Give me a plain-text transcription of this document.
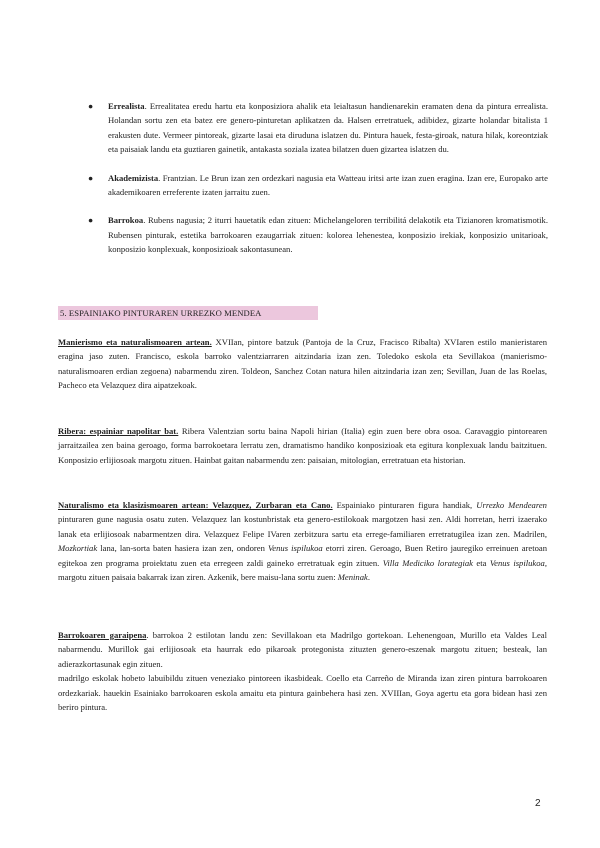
● Errealista. Errealitatea eredu hartu eta konposiziora ahalik eta leialtasun handienarekin eramaten dena da pintura errealista. Holandan sortu zen eta batez ere genero-pinturetan aplikatzen da. Halsen erretratuek, adibidez, gizarte holandar bitalista 1 erakusten dute. Vermeer pintoreak, gizarte lasai eta diruduna islatzen du. Pintura hauek, festa-giroak, natura hilak, koreontziak eta paisaiak landu eta guztiaren gainetik, antakasta soziala izatea bilatzen duen gizartea islatzen du.
● Akademizista. Frantzian. Le Brun izan zen ordezkari nagusia eta Watteau iritsi arte izan zuen eragina. Izan ere, Europako arte akademikoaren erreferente izaten jarraitu zuen.
● Barrokoa. Rubens nagusia; 2 iturri hauetatik edan zituen: Michelangeloren terribilitá delakotik eta Tizianoren kromatismotik. Rubensen pinturak, estetika barrokoaren ezaugarriak zituen: kolorea lehenestea, konposizio irekiak, konposizio unitarioak, konposizio konplexuak, konposizioak sakontasunean.
5. ESPAINIAKO PINTURAREN URREZKO MENDEA

Manierismo eta naturalismoaren artean. XVIIan, pintore batzuk (Pantoja de la Cruz, Fracisco Ribalta) XVIaren estilo manieristaren eragina jaso zuten. Francisco, eskola barroko valentziarraren aitzindaria izan zen. Toledoko eskola eta Sevillakoa (manierismo-naturalismoaren erdian zegoena) nabarmendu ziren. Toldeon, Sanchez Cotan natura hilen aitzindaria izan zen; Sevillan, Juan de las Roelas, Pacheco eta Velazquez dira aipatzekoak.

Ribera: espainiar napolitar bat. Ribera Valentzian sortu baina Napoli hirian (Italia) egin zuen bere obra osoa. Caravaggio pintorearen jarraitzailea zen baina geroago, forma barrokoetara lerratu zen, dramatismo handiko konposizioak eta egitura konplexuak landu baitzituen. Konposizio erlijiosoak margotu zituen. Hainbat gaitan nabarmendu zen: paisaian, mitologian, erretratuan eta historian.

Naturalismo eta klasizismoaren artean: Velazquez, Zurbaran eta Cano. Espainiako pinturaren figura handiak, Urrezko Mendearen pinturaren gune nagusia osatu zuten. Velazquez lan kostunbristak eta genero-estilokoak margotzen hasi zen. Aldi horretan, herri izaerako lanak eta erlijiosoak nabarmentzen dira. Velazquez Felipe IVaren zerbitzura sartu eta errege-familiaren erretratugilea izan zen. Madrilen, Mozkortiak lana, lan-sorta baten hasiera izan zen, ondoren Venus ispilukoa etorri ziren. Geroago, Buen Retiro jauregiko erreinuen aretoan egitekoa zen programa proiektatu zuen eta erregeen zaldi gaineko erretratuak egin zituen. Villa Mediciko lorategiak eta Venus ispilukoa, margotu zituen paisaia bakarrak izan ziren. Azkenik, bere maisu-lana sortu zuen: Meninak.

Barrokoaren garaipena. barrokoa 2 estilotan landu zen: Sevillakoan eta Madrilgo gortekoan. Lehenengoan, Murillo eta Valdes Leal nabarmendu. Murillok gai erlijiosoak eta haurrak edo pikaroak protegonista zituzten genero-eszenak margotu zituen; besteak, lan adierazkortasunak egin zituen.
madrilgo eskolak hobeto labuibildu zituen veneziako pintoreen ikasbideak. Coello eta Carreño de Miranda izan ziren pintura barrokoaren ordezkariak. hauekin Esainiako barrokoaren eskola amaitu eta pintura gainbehera hasi zen. XVIIIan, Goya agertu eta gora bidean hasi zen beriro pintura.

2
